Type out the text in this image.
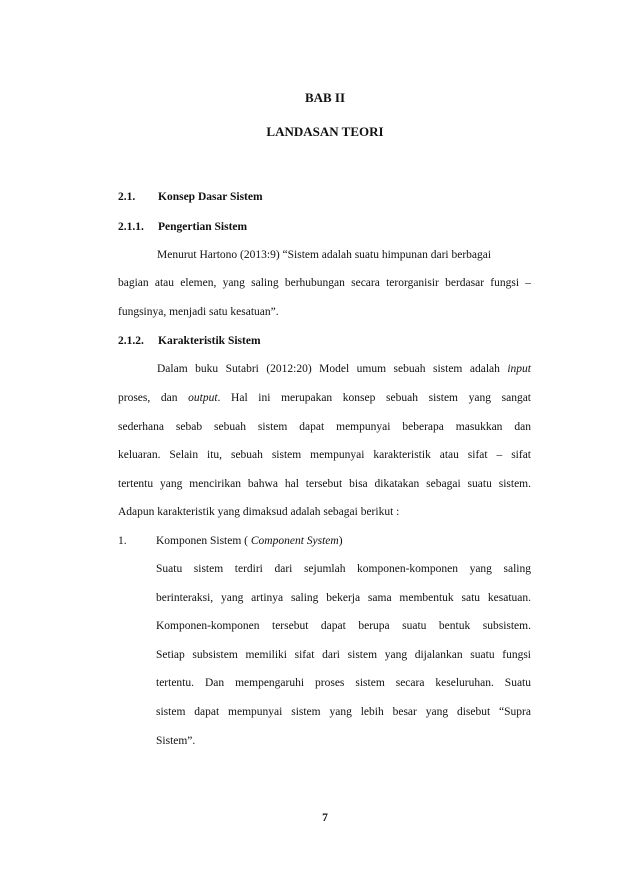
BAB II

LANDASAN TEORI

2.1. Konsep Dasar Sistem

2.1.1. Pengertian Sistem

Menurut Hartono (2013:9) “Sistem adalah suatu himpunan dari berbagai

bagian atau elemen, yang saling berhubungan secara terorganisir berdasar fungsi –

fungsinya, menjadi satu kesatuan”.

2.1.2. Karakteristik Sistem

Dalam buku Sutabri (2012:20) Model umum sebuah sistem adalah input

proses, dan output. Hal ini merupakan konsep sebuah sistem yang sangat

sederhana sebab sebuah sistem dapat mempunyai beberapa masukkan dan

keluaran. Selain itu, sebuah sistem mempunyai karakteristik atau sifat – sifat

tertentu yang mencirikan bahwa hal tersebut bisa dikatakan sebagai suatu sistem.

Adapun karakteristik yang dimaksud adalah sebagai berikut :

1.	Komponen Sistem ( Component System)

Suatu sistem terdiri dari sejumlah komponen-komponen yang saling

berinteraksi, yang artinya saling bekerja sama membentuk satu kesatuan.

Komponen-komponen tersebut dapat berupa suatu bentuk subsistem.

Setiap subsistem memiliki sifat dari sistem yang dijalankan suatu fungsi

tertentu. Dan mempengaruhi proses sistem secara keseluruhan. Suatu

sistem dapat mempunyai sistem yang lebih besar yang disebut “Supra

Sistem”.

7
